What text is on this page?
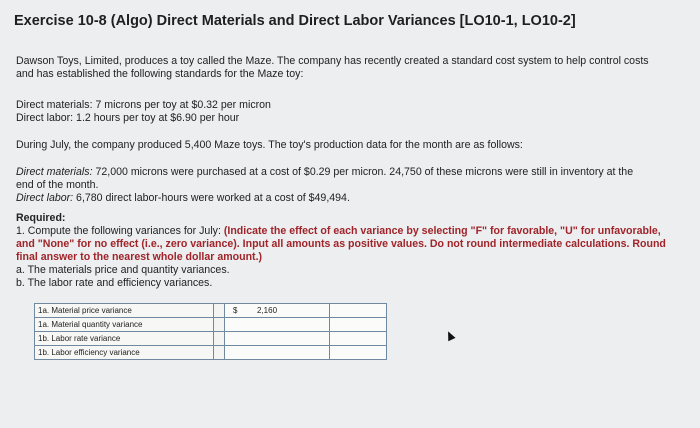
Exercise 10-8 (Algo) Direct Materials and Direct Labor Variances [LO10-1, LO10-2]
Dawson Toys, Limited, produces a toy called the Maze. The company has recently created a standard cost system to help control costs
and has established the following standards for the Maze toy:
Direct materials: 7 microns per toy at $0.32 per micron
Direct labor: 1.2 hours per toy at $6.90 per hour
During July, the company produced 5,400 Maze toys. The toy's production data for the month are as follows:
Direct materials: 72,000 microns were purchased at a cost of $0.29 per micron. 24,750 of these microns were still in inventory at the
end of the month.
Direct labor: 6,780 direct labor-hours were worked at a cost of $49,494.
Required:
1. Compute the following variances for July: (Indicate the effect of each variance by selecting "F" for favorable, "U" for unfavorable,
and "None" for no effect (i.e., zero variance). Input all amounts as positive values. Do not round intermediate calculations. Round
final answer to the nearest whole dollar amount.)
a. The materials price and quantity variances.
b. The labor rate and efficiency variances.
1a. Material price variance		$ 2,160	

1a. Material quantity variance		

1b. Labor rate variance		

1b. Labor efficiency variance		
